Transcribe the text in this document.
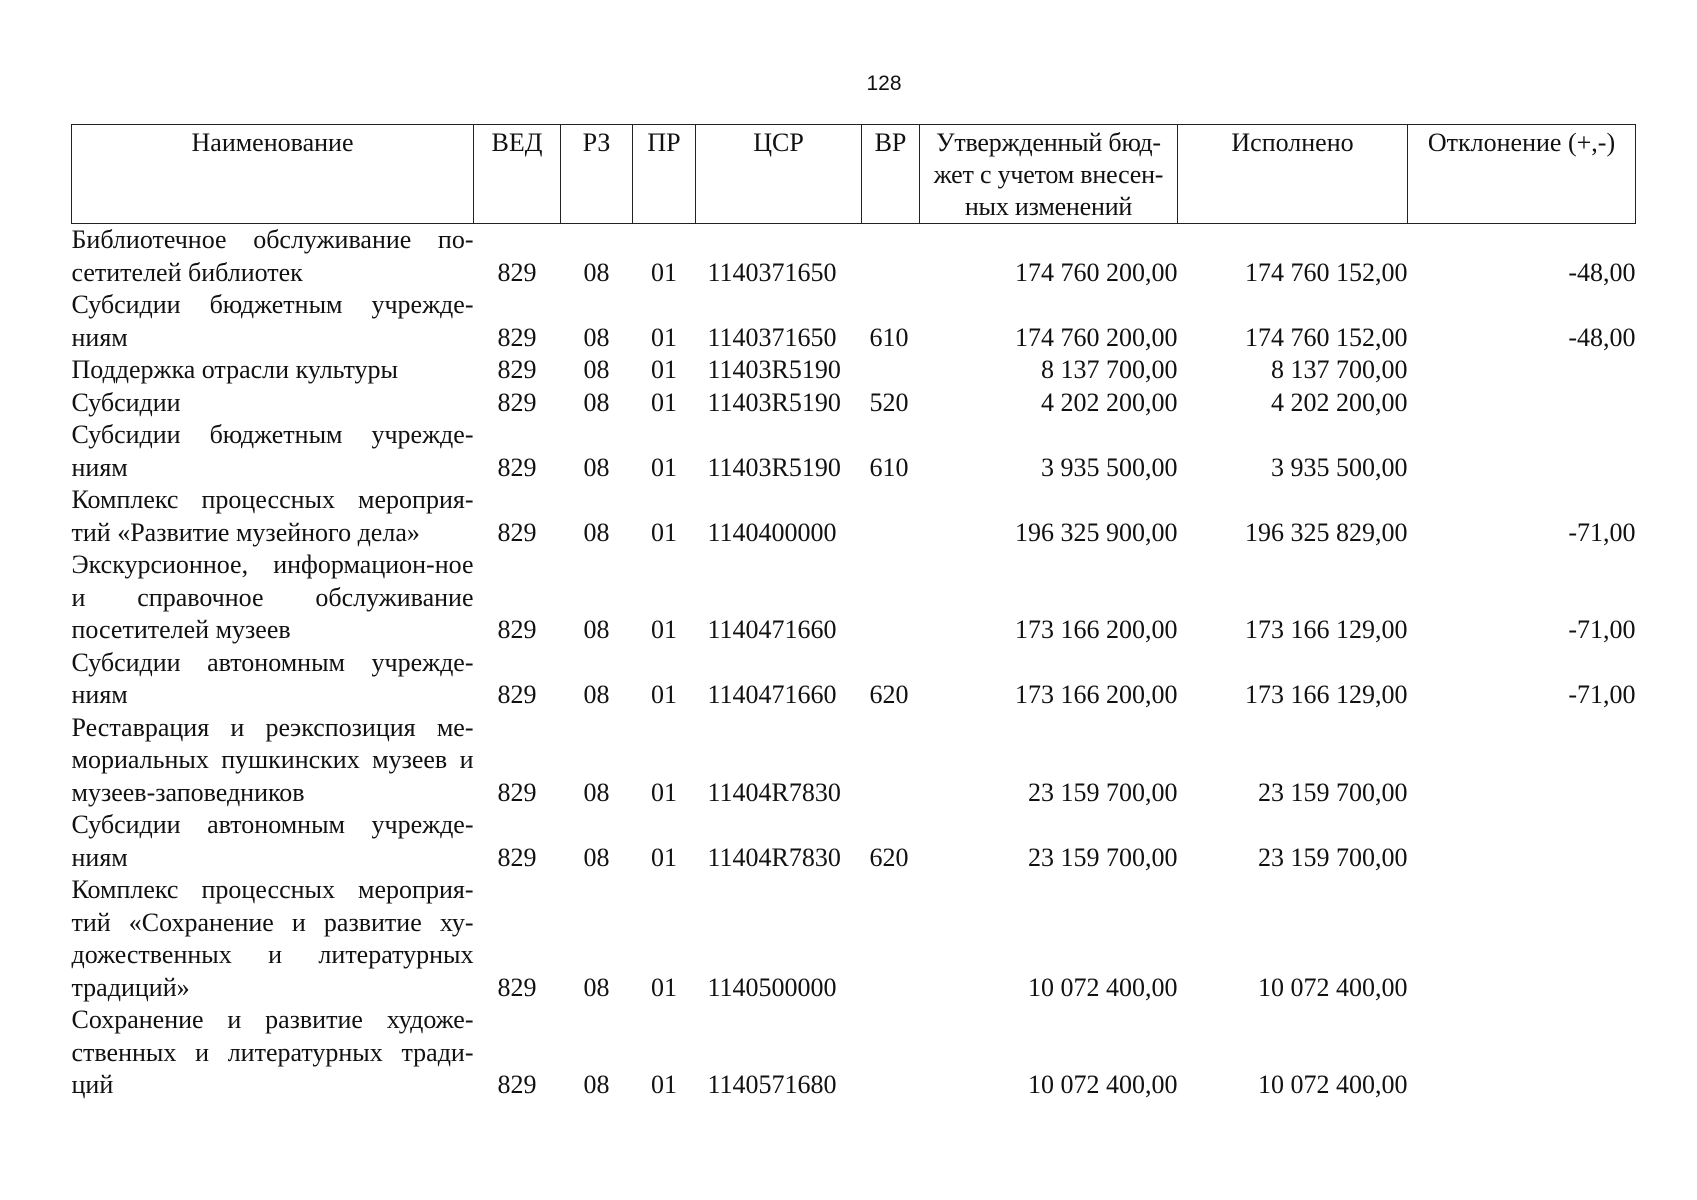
128
Наименование	ВЕД	РЗ	ПР	ЦСР	ВР	Утвержденный бюд-жет с учетом внесен-ных изменений	Исполнено	Отклонение (+,-)
Библиотечное обслуживание по-сетителей библиотек	829	08	01	1140371650		174 760 200,00	174 760 152,00	-48,00
Субсидии бюджетным учрежде-ниям	829	08	01	1140371650	610	174 760 200,00	174 760 152,00	-48,00
Поддержка отрасли культуры	829	08	01	11403R5190		8 137 700,00	8 137 700,00	
Субсидии	829	08	01	11403R5190	520	4 202 200,00	4 202 200,00	
Субсидии бюджетным учрежде-ниям	829	08	01	11403R5190	610	3 935 500,00	3 935 500,00	
Комплекс процессных мероприя-тий «Развитие музейного дела»	829	08	01	1140400000		196 325 900,00	196 325 829,00	-71,00
Экскурсионное, информацион-ное и справочное обслуживание посетителей музеев	829	08	01	1140471660		173 166 200,00	173 166 129,00	-71,00
Субсидии автономным учрежде-ниям	829	08	01	1140471660	620	173 166 200,00	173 166 129,00	-71,00
Реставрация и реэкспозиция ме-мориальных пушкинских музеев и музеев-заповедников	829	08	01	11404R7830		23 159 700,00	23 159 700,00	
Субсидии автономным учрежде-ниям	829	08	01	11404R7830	620	23 159 700,00	23 159 700,00	
Комплекс процессных мероприя-тий «Сохранение и развитие ху-дожественных и литературных традиций»	829	08	01	1140500000		10 072 400,00	10 072 400,00	
Сохранение и развитие художе-ственных и литературных тради-ций	829	08	01	1140571680		10 072 400,00	10 072 400,00	
